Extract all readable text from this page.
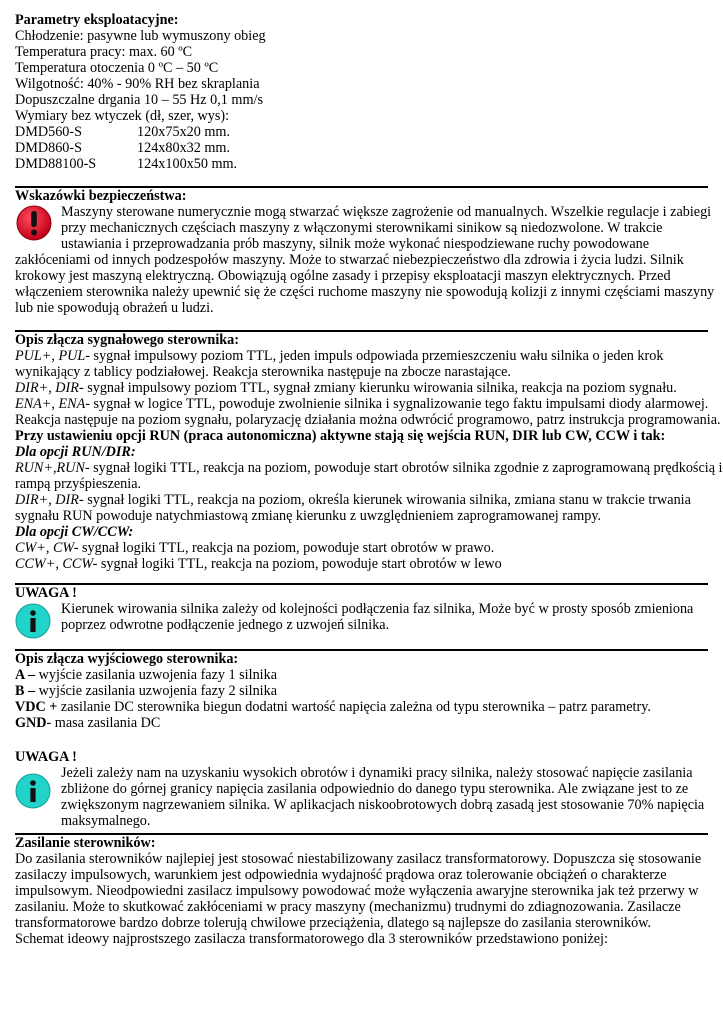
Parametry eksploatacyjne:
Chłodzenie: pasywne lub wymuszony obieg
Temperatura pracy: max. 60 ºC
Temperatura otoczenia 0 ºC – 50 ºC
Wilgotność: 40% - 90% RH bez skraplania
Dopuszczalne drgania 10 – 55 Hz 0,1 mm/s
Wymiary bez wtyczek (dł, szer, wys):
DMD560-S	120x75x20 mm.
DMD860-S	124x80x32 mm.
DMD88100-S	124x100x50 mm.
Wskazówki bezpieczeństwa:
Maszyny sterowane numerycznie mogą stwarzać większe zagrożenie od manualnych. Wszelkie regulacje i zabiegi
przy mechanicznych częściach maszyny z włączonymi sterownikami sinikow są niedozwolone. W trakcie
ustawiania i przeprowadzania prób maszyny, silnik może wykonać niespodziewane ruchy powodowane
zakłóceniami od innych podzespołów maszyny. Może to stwarzać niebezpieczeństwo dla zdrowia i życia ludzi. Silnik
krokowy jest maszyną elektryczną. Obowiązują ogólne zasady i przepisy eksploatacji maszyn elektrycznych. Przed
włączeniem sterownika należy upewnić się że części ruchome maszyny nie spowodują kolizji z innymi częściami maszyny
lub nie spowodują obrażeń u ludzi.
Opis złącza sygnałowego sterownika:
PUL+, PUL- sygnał impulsowy poziom TTL, jeden impuls odpowiada przemieszczeniu wału silnika o jeden krok
wynikający z tablicy podziałowej. Reakcja sterownika następuje na zbocze narastające.
DIR+, DIR- sygnał impulsowy poziom TTL, sygnał zmiany kierunku wirowania silnika, reakcja na poziom sygnału.
ENA+, ENA- sygnał w logice TTL, powoduje zwolnienie silnika i sygnalizowanie tego faktu impulsami diody alarmowej.
Reakcja następuje na poziom sygnału, polaryzację działania można odwrócić programowo, patrz instrukcja programowania.
Przy ustawieniu opcji RUN (praca autonomiczna) aktywne stają się wejścia RUN, DIR lub CW, CCW i tak:
Dla opcji RUN/DIR:
RUN+,RUN- sygnał logiki TTL, reakcja na poziom, powoduje start obrotów silnika zgodnie z zaprogramowaną prędkością i
rampą przyśpieszenia.
DIR+, DIR- sygnał logiki TTL, reakcja na poziom, określa kierunek wirowania silnika, zmiana stanu w trakcie trwania
sygnału RUN powoduje natychmiastową zmianę kierunku z uwzględnieniem zaprogramowanej rampy.
Dla opcji CW/CCW:
CW+, CW- sygnał logiki TTL, reakcja na poziom, powoduje start obrotów w prawo.
CCW+, CCW- sygnał logiki TTL, reakcja na poziom, powoduje start obrotów w lewo
UWAGA !
Kierunek wirowania silnika zależy od kolejności podłączenia faz silnika, Może być w prosty sposób zmieniona
poprzez odwrotne podłączenie jednego z uzwojeń silnika.
Opis złącza wyjściowego sterownika:
A – wyjście zasilania uzwojenia fazy 1 silnika
B – wyjście zasilania uzwojenia fazy 2 silnika
VDC + zasilanie DC sterownika biegun dodatni wartość napięcia zależna od typu sterownika – patrz parametry.
GND- masa zasilania DC
UWAGA !
Jeżeli zależy nam na uzyskaniu wysokich obrotów i dynamiki pracy silnika, należy stosować napięcie zasilania
zbliżone do górnej granicy napięcia zasilania odpowiednio do danego typu sterownika. Ale związane jest to ze
zwiększonym nagrzewaniem silnika. W aplikacjach niskoobrotowych dobrą zasadą jest stosowanie 70% napięcia
maksymalnego.
Zasilanie sterowników:
Do zasilania sterowników najlepiej jest stosować niestabilizowany zasilacz transformatorowy. Dopuszcza się stosowanie
zasilaczy impulsowych, warunkiem jest odpowiednia wydajność prądowa oraz tolerowanie obciążeń o charakterze
impulsowym. Nieodpowiedni zasilacz impulsowy powodować może wyłączenia awaryjne sterownika jak też przerwy w
zasilaniu. Może to skutkować zakłóceniami w pracy maszyny (mechanizmu) trudnymi do zdiagnozowania. Zasilacze
transformatorowe bardzo dobrze tolerują chwilowe przeciążenia, dlatego są najlepsze do zasilania sterowników.
Schemat ideowy najprostszego zasilacza transformatorowego dla 3 sterowników przedstawiono poniżej:
